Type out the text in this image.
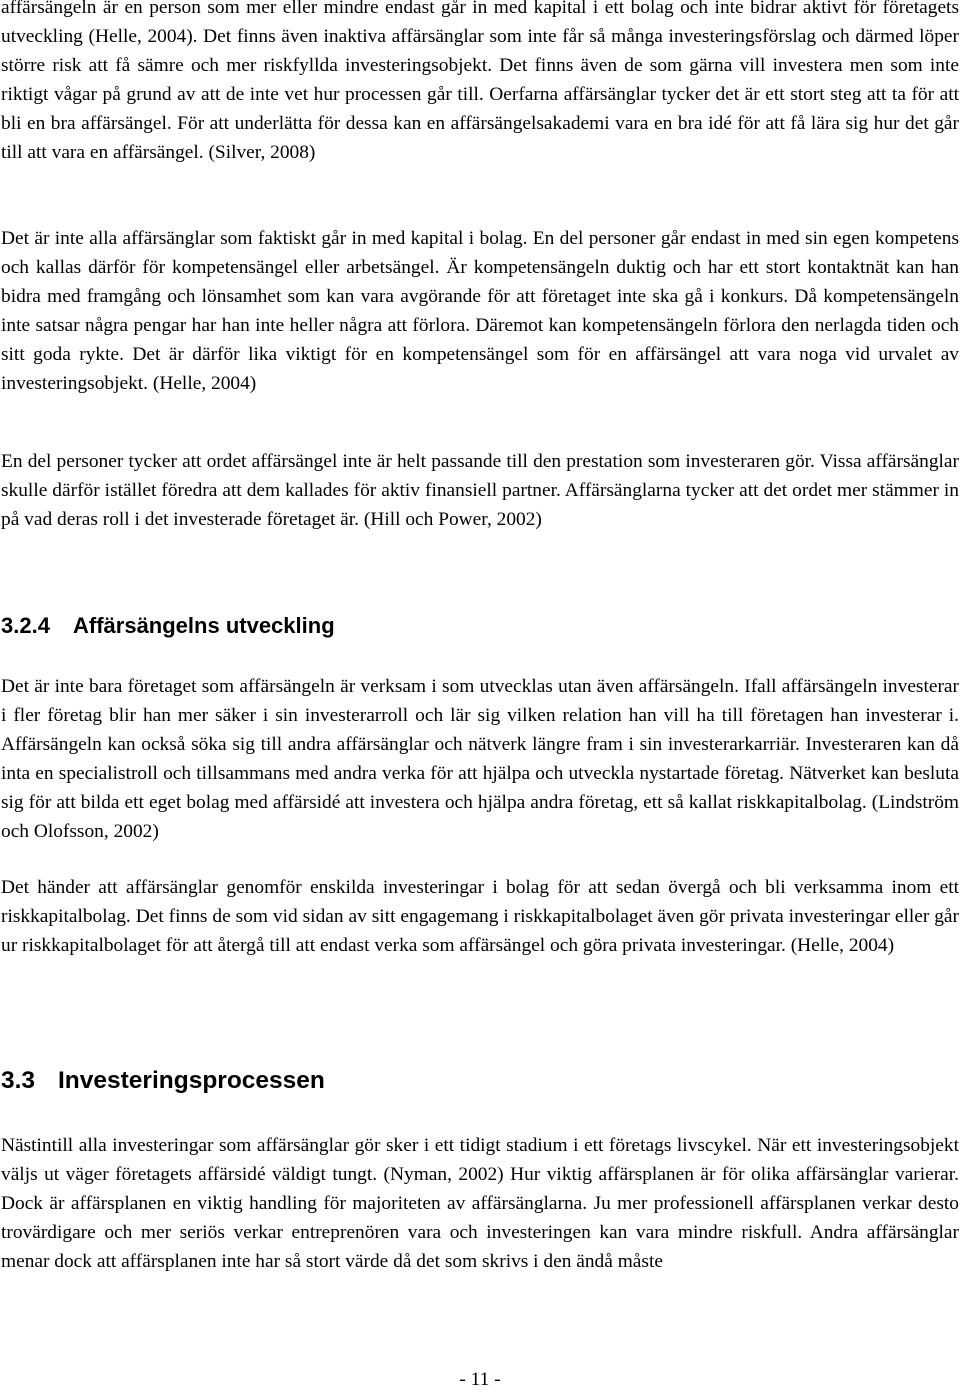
affärsängeln är en person som mer eller mindre endast går in med kapital i ett bolag och inte bidrar aktivt för företagets utveckling (Helle, 2004). Det finns även inaktiva affärsänglar som inte får så många investeringsförslag och därmed löper större risk att få sämre och mer riskfyllda investeringsobjekt. Det finns även de som gärna vill investera men som inte riktigt vågar på grund av att de inte vet hur processen går till. Oerfarna affärsänglar tycker det är ett stort steg att ta för att bli en bra affärsängel. För att underlätta för dessa kan en affärsängelsakademi vara en bra idé för att få lära sig hur det går till att vara en affärsängel. (Silver, 2008)

Det är inte alla affärsänglar som faktiskt går in med kapital i bolag. En del personer går endast in med sin egen kompetens och kallas därför för kompetensängel eller arbetsängel. Är kompetensängeln duktig och har ett stort kontaktnät kan han bidra med framgång och lönsamhet som kan vara avgörande för att företaget inte ska gå i konkurs. Då kompetensängeln inte satsar några pengar har han inte heller några att förlora. Däremot kan kompetensängeln förlora den nerlagda tiden och sitt goda rykte. Det är därför lika viktigt för en kompetensängel som för en affärsängel att vara noga vid urvalet av investeringsobjekt. (Helle, 2004)

En del personer tycker att ordet affärsängel inte är helt passande till den prestation som investeraren gör. Vissa affärsänglar skulle därför istället föredra att dem kallades för aktiv finansiell partner. Affärsänglarna tycker att det ordet mer stämmer in på vad deras roll i det investerade företaget är. (Hill och Power, 2002)

3.2.4 Affärsängelns utveckling

Det är inte bara företaget som affärsängeln är verksam i som utvecklas utan även affärsängeln. Ifall affärsängeln investerar i fler företag blir han mer säker i sin investerarroll och lär sig vilken relation han vill ha till företagen han investerar i. Affärsängeln kan också söka sig till andra affärsänglar och nätverk längre fram i sin investerarkarriär. Investeraren kan då inta en specialistroll och tillsammans med andra verka för att hjälpa och utveckla nystartade företag. Nätverket kan besluta sig för att bilda ett eget bolag med affärsidé att investera och hjälpa andra företag, ett så kallat riskkapitalbolag. (Lindström och Olofsson, 2002)

Det händer att affärsänglar genomför enskilda investeringar i bolag för att sedan övergå och bli verksamma inom ett riskkapitalbolag. Det finns de som vid sidan av sitt engagemang i riskkapitalbolaget även gör privata investeringar eller går ur riskkapitalbolaget för att återgå till att endast verka som affärsängel och göra privata investeringar. (Helle, 2004)

3.3 Investeringsprocessen

Nästintill alla investeringar som affärsänglar gör sker i ett tidigt stadium i ett företags livscykel. När ett investeringsobjekt väljs ut väger företagets affärsidé väldigt tungt. (Nyman, 2002) Hur viktig affärsplanen är för olika affärsänglar varierar. Dock är affärsplanen en viktig handling för majoriteten av affärsänglarna. Ju mer professionell affärsplanen verkar desto trovärdigare och mer seriös verkar entreprenören vara och investeringen kan vara mindre riskfull. Andra affärsänglar menar dock att affärsplanen inte har så stort värde då det som skrivs i den ändå måste

- 11 -
